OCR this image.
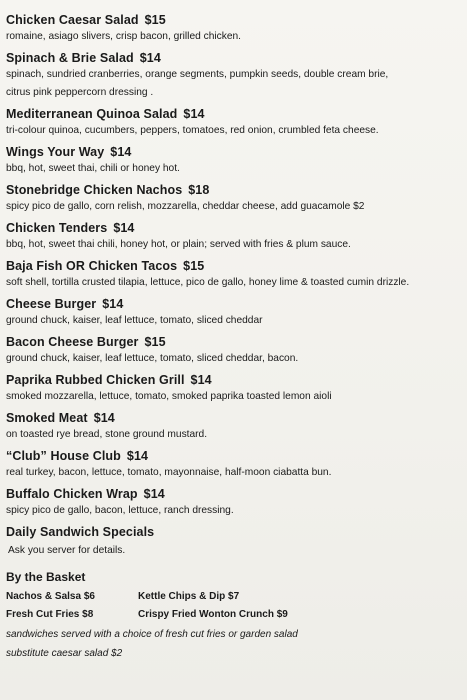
Chicken Caesar Salad $15
romaine, asiago slivers, crisp bacon, grilled chicken.
Spinach & Brie Salad $14
spinach, sundried cranberries, orange segments, pumpkin seeds, double cream brie,
citrus pink peppercorn dressing .
Mediterranean Quinoa Salad $14
tri-colour quinoa, cucumbers, peppers, tomatoes, red onion, crumbled feta cheese.
Wings Your Way $14
bbq, hot, sweet thai, chili or honey hot.
Stonebridge Chicken Nachos $18
spicy pico de gallo, corn relish, mozzarella, cheddar cheese, add guacamole $2
Chicken Tenders $14
bbq, hot, sweet thai chili, honey hot, or plain; served with fries & plum sauce.
Baja Fish OR Chicken Tacos $15
soft shell, tortilla crusted tilapia, lettuce, pico de gallo, honey lime & toasted cumin drizzle.
Cheese Burger $14
ground chuck, kaiser, leaf lettuce, tomato, sliced cheddar
Bacon Cheese Burger $15
ground chuck, kaiser, leaf lettuce, tomato, sliced cheddar, bacon.
Paprika Rubbed Chicken Grill $14
smoked mozzarella, lettuce, tomato, smoked paprika toasted lemon aioli
Smoked Meat $14
on toasted rye bread, stone ground mustard.
“Club” House Club $14
real turkey, bacon, lettuce, tomato, mayonnaise, half-moon ciabatta bun.
Buffalo Chicken Wrap $14
spicy pico de gallo, bacon, lettuce, ranch dressing.
Daily Sandwich Specials
Ask you server for details.
By the Basket
Nachos & Salsa $6	Kettle Chips & Dip $7
Fresh Cut Fries $8	Crispy Fried Wonton Crunch $9
sandwiches served with a choice of fresh cut fries or garden salad
substitute caesar salad $2
